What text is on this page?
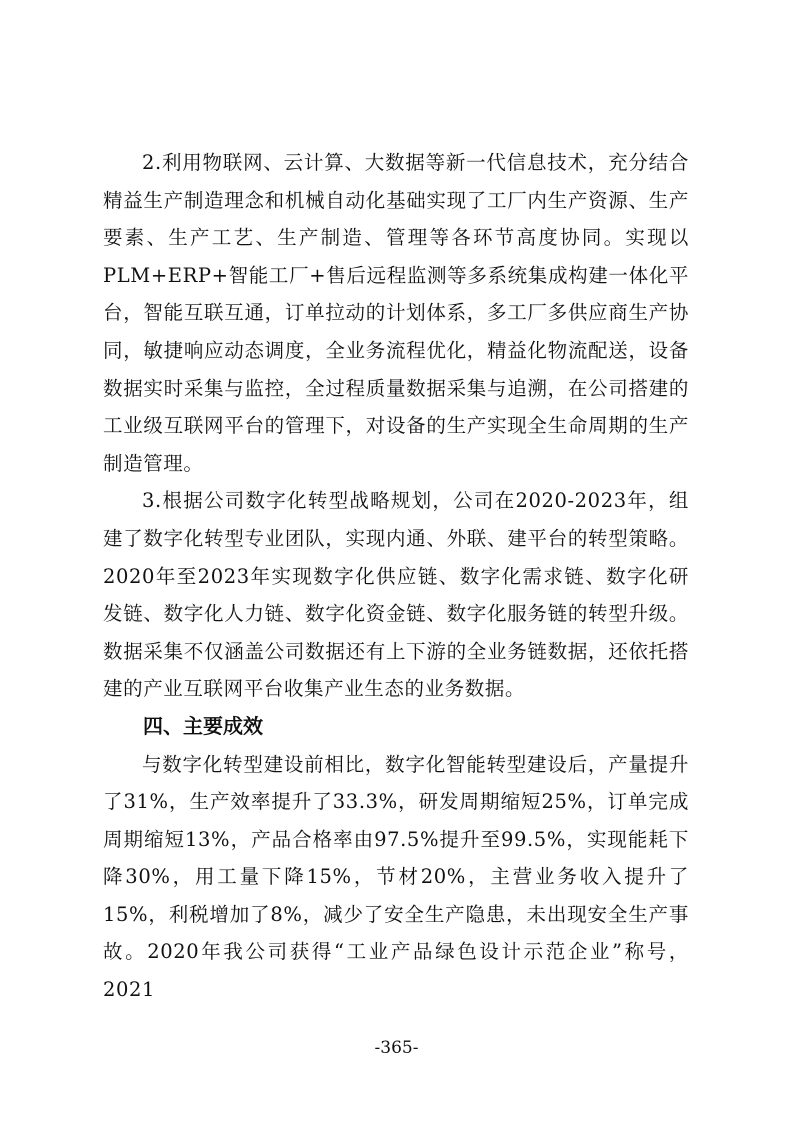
2.利用物联网、云计算、大数据等新一代信息技术，充分结合精益生产制造理念和机械自动化基础实现了工厂内生产资源、生产要素、生产工艺、生产制造、管理等各环节高度协同。实现以PLM+ERP+智能工厂+售后远程监测等多系统集成构建一体化平台，智能互联互通，订单拉动的计划体系，多工厂多供应商生产协同，敏捷响应动态调度，全业务流程优化，精益化物流配送，设备数据实时采集与监控，全过程质量数据采集与追溯，在公司搭建的工业级互联网平台的管理下，对设备的生产实现全生命周期的生产制造管理。

3.根据公司数字化转型战略规划，公司在2020-2023年，组建了数字化转型专业团队，实现内通、外联、建平台的转型策略。2020年至2023年实现数字化供应链、数字化需求链、数字化研发链、数字化人力链、数字化资金链、数字化服务链的转型升级。数据采集不仅涵盖公司数据还有上下游的全业务链数据，还依托搭建的产业互联网平台收集产业生态的业务数据。

四、主要成效

与数字化转型建设前相比，数字化智能转型建设后，产量提升了31%，生产效率提升了33.3%，研发周期缩短25%，订单完成周期缩短13%，产品合格率由97.5%提升至99.5%，实现能耗下降30%，用工量下降15%，节材20%，主营业务收入提升了15%，利税增加了8%，减少了安全生产隐患，未出现安全生产事故。2020年我公司获得“工业产品绿色设计示范企业”称号，2021

-365-
